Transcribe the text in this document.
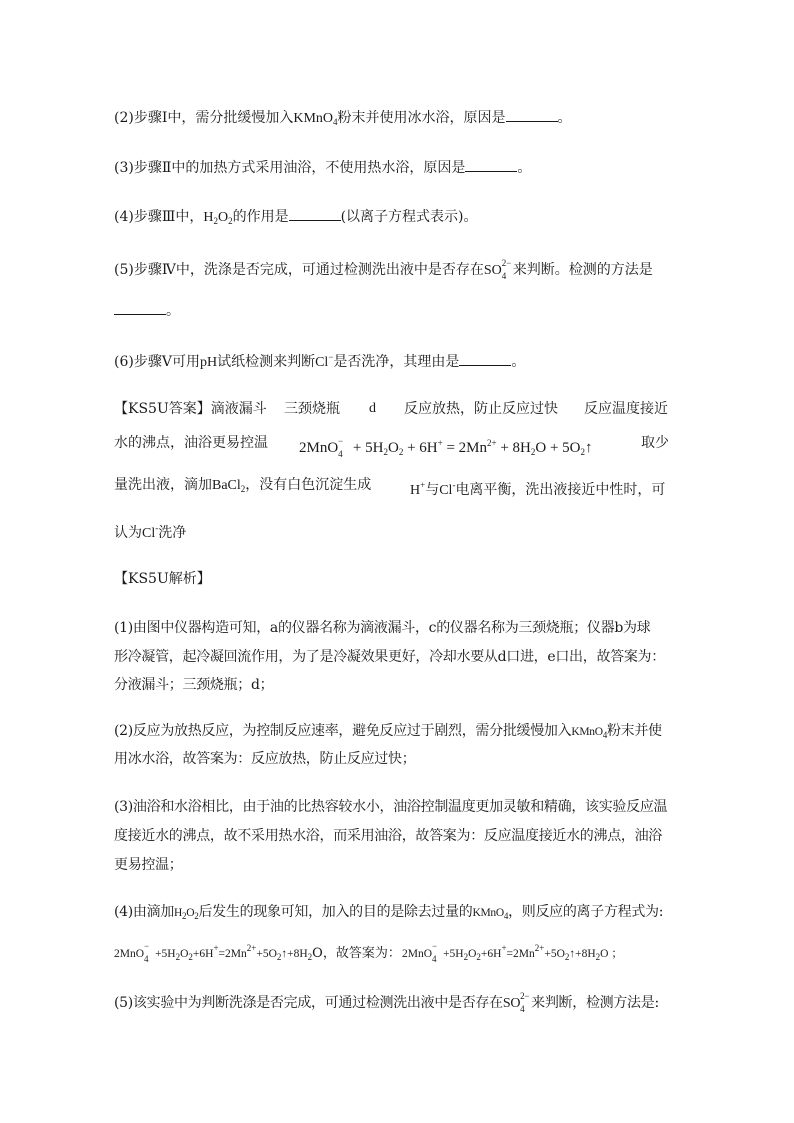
(2)步骤Ⅰ中，需分批缓慢加入KMnO$_4$粉末并使用冰水浴，原因是	。
(3)步骤Ⅱ中的加热方式采用油浴，不使用热水浴，原因是	。
(4)步骤Ⅲ中，$H_2O_2$的作用是	(以离子方程式表示)。
(5)步骤Ⅳ中，洗涤是否完成，可通过检测洗出液中是否存在SO 2−
4 来判断。检测的方法是
。
(6)步骤Ⅴ可用pH试纸检测来判断Cl−是否洗净，其理由是	。
【KS5U答案】滴液漏斗 三颈烧瓶 d 反应放热，防止反应过快 反应温度接近
水的沸点，油浴更易控温 2MnO −
$4 + 5H_2O_2 + 6H^+ = 2Mn^{2+} + 8H_2O$ + $5O_2↑$	取少
量洗出液，滴加BaCl$_2$，没有白色沉淀生成	H+与Cl-电离平衡，洗出液接近中性时，可
认为Cl-洗净
【KS5U解析】
(1)由图中仪器构造可知，a的仪器名称为滴液漏斗，c的仪器名称为三颈烧瓶；仪器b为球
形冷凝管，起冷凝回流作用，为了是冷凝效果更好，冷却水要从d口进，e口出，故答案为：
分液漏斗；三颈烧瓶；d；
(2)反应为放热反应，为控制反应速率，避免反应过于剧烈，需分批缓慢加入KMnO$_4$粉末并使
用冰水浴，故答案为：反应放热，防止反应过快；
(3)油浴和水浴相比，由于油的比热容较水小，油浴控制温度更加灵敏和精确，该实验反应温
度接近水的沸点，故不采用热水浴，而采用油浴，故答案为：反应温度接近水的沸点，油浴
更易控温；
(4)由滴加$H_2O_2$后发生的现象可知，加入的目的是除去过量的KMnO$_4$，则反应的离子方程式为:
2MnO
−
$4 +5H_2O_2+6H^+=2Mn^{2+}+5O_2↑+8H_2O$，故答案为： 2MnO
−
$4 +5H_2O_2+6H^+=2Mn^{2+}+5O_2↑+8H_2O$ ；
(5)该实验中为判断洗涤是否完成，可通过检测洗出液中是否存在SO 2−
4 来判断，检测方法是:
